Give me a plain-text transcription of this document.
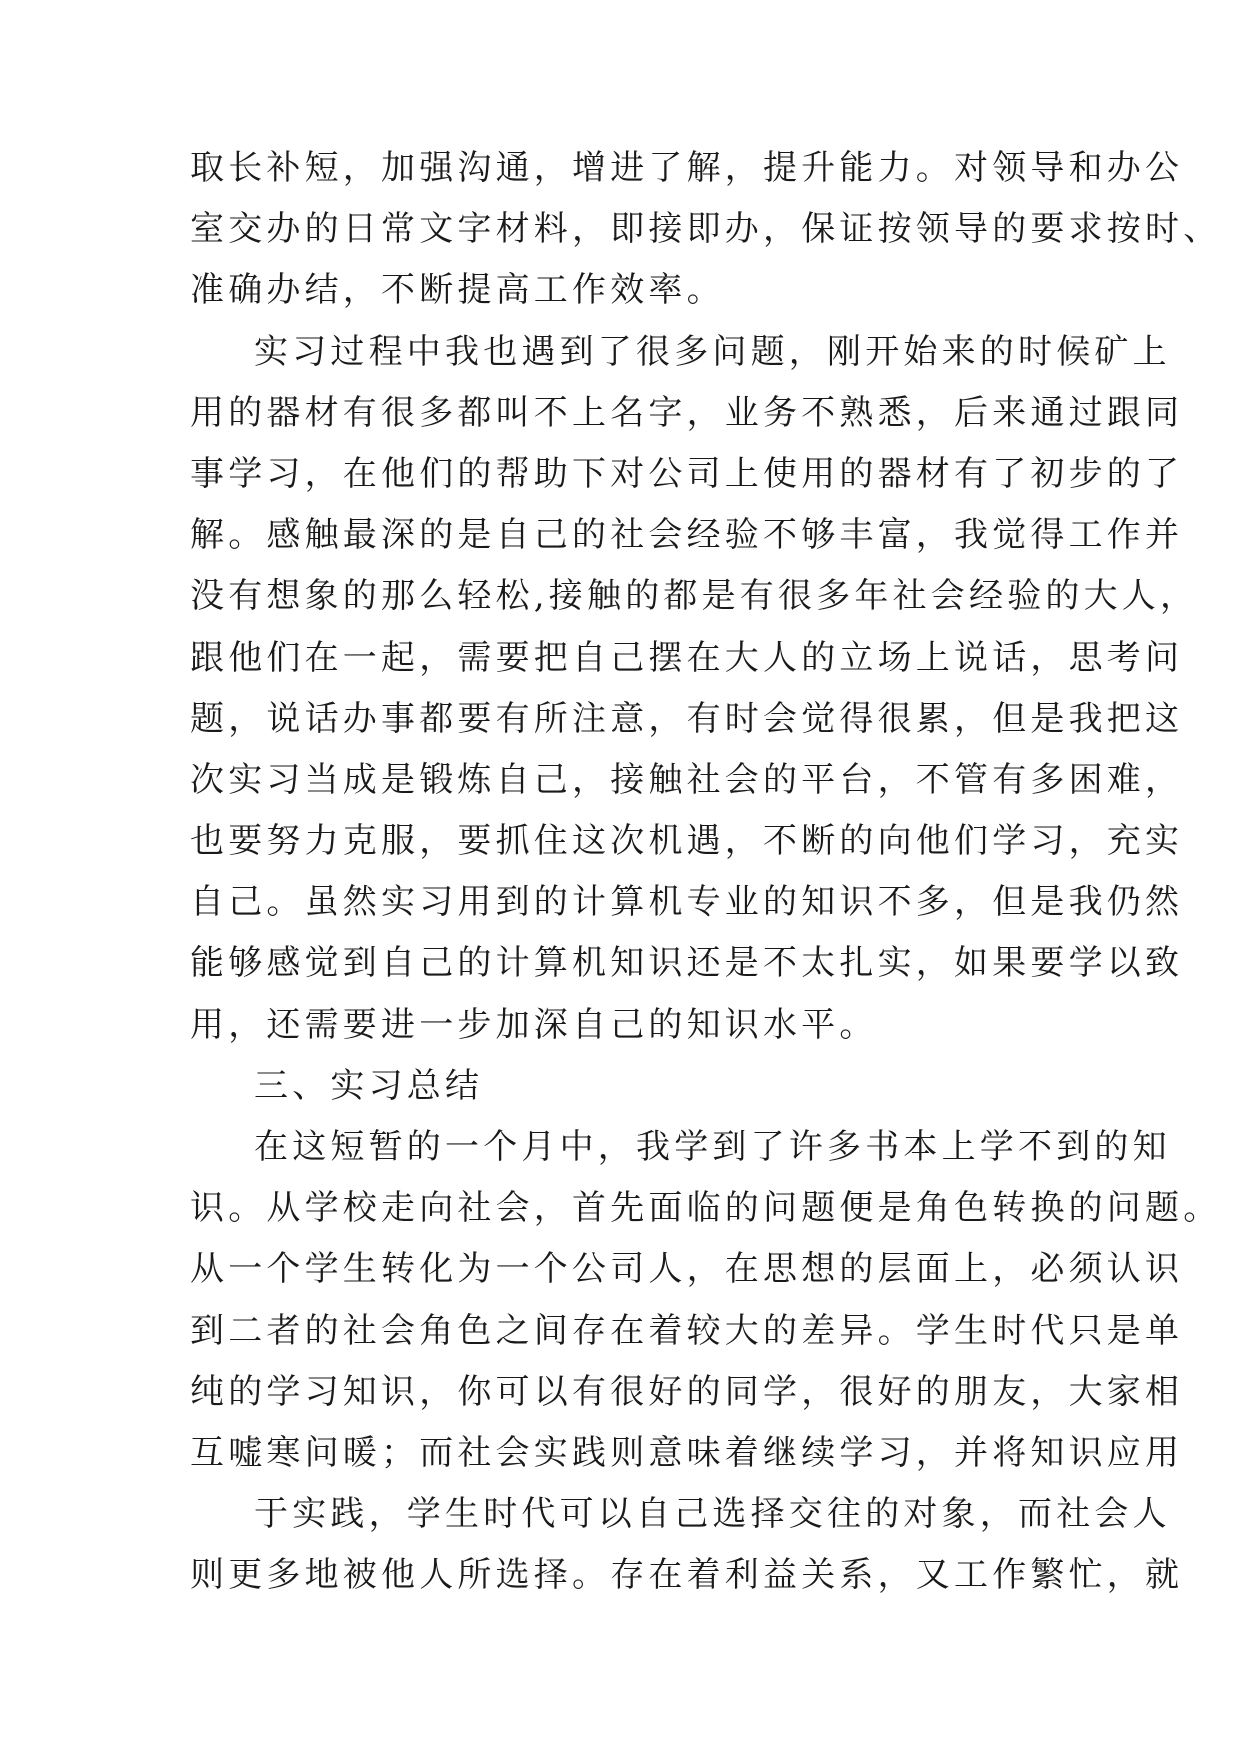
取长补短，加强沟通，增进了解，提升能力。对领导和办公
室交办的日常文字材料，即接即办，保证按领导的要求按时、
准确办结，不断提高工作效率。
实习过程中我也遇到了很多问题，刚开始来的时候矿上
用的器材有很多都叫不上名字，业务不熟悉，后来通过跟同
事学习，在他们的帮助下对公司上使用的器材有了初步的了
解。感触最深的是自己的社会经验不够丰富，我觉得工作并
没有想象的那么轻松,接触的都是有很多年社会经验的大人，
跟他们在一起，需要把自己摆在大人的立场上说话，思考问
题，说话办事都要有所注意，有时会觉得很累，但是我把这
次实习当成是锻炼自己，接触社会的平台，不管有多困难，
也要努力克服，要抓住这次机遇，不断的向他们学习，充实
自己。虽然实习用到的计算机专业的知识不多，但是我仍然
能够感觉到自己的计算机知识还是不太扎实，如果要学以致
用，还需要进一步加深自己的知识水平。
三、实习总结
在这短暂的一个月中，我学到了许多书本上学不到的知
识。从学校走向社会，首先面临的问题便是角色转换的问题。
从一个学生转化为一个公司人，在思想的层面上，必须认识
到二者的社会角色之间存在着较大的差异。学生时代只是单
纯的学习知识，你可以有很好的同学，很好的朋友，大家相
互嘘寒问暖；而社会实践则意味着继续学习，并将知识应用
于实践，学生时代可以自己选择交往的对象，而社会人
则更多地被他人所选择。存在着利益关系，又工作繁忙，就
